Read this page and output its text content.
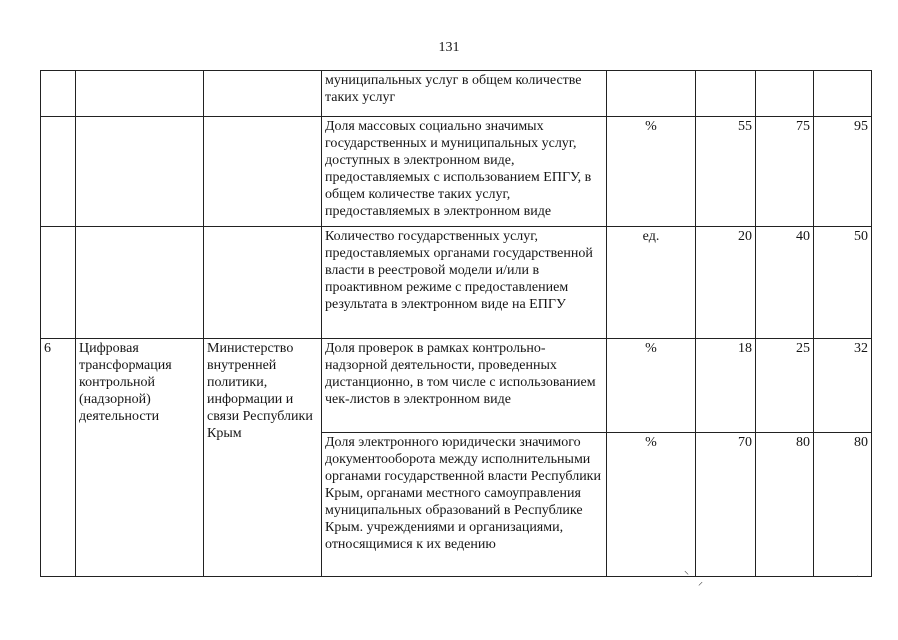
131
			муниципальных услуг в общем количестве таких услуг				
			Доля массовых социально значимых государственных и муниципальных услуг, доступных в электронном виде, предоставляемых с использованием ЕПГУ, в общем количестве таких услуг, предоставляемых в электронном виде	%	55	75	95
			Количество государственных услуг, предоставляемых органами государственной власти в реестровой модели и/или в проактивном режиме с предоставлением результата в электронном виде на ЕПГУ	ед.	20	40	50
6	Цифровая трансформация контрольной (надзорной) деятельности	Министерство внутренней политики, информации и связи Республики Крым	Доля проверок в рамках контрольно-надзорной деятельности, проведенных дистанционно, в том числе с использованием чек-листов в электронном виде	%	18	25	32
			Доля электронного юридически значимого документооборота между исполнительными органами государственной власти Республики Крым, органами местного самоуправления муниципальных образований в Республике Крым. учреждениями и организациями, относящимися к их ведению	%	70	80	80
⸌
⸍
·
